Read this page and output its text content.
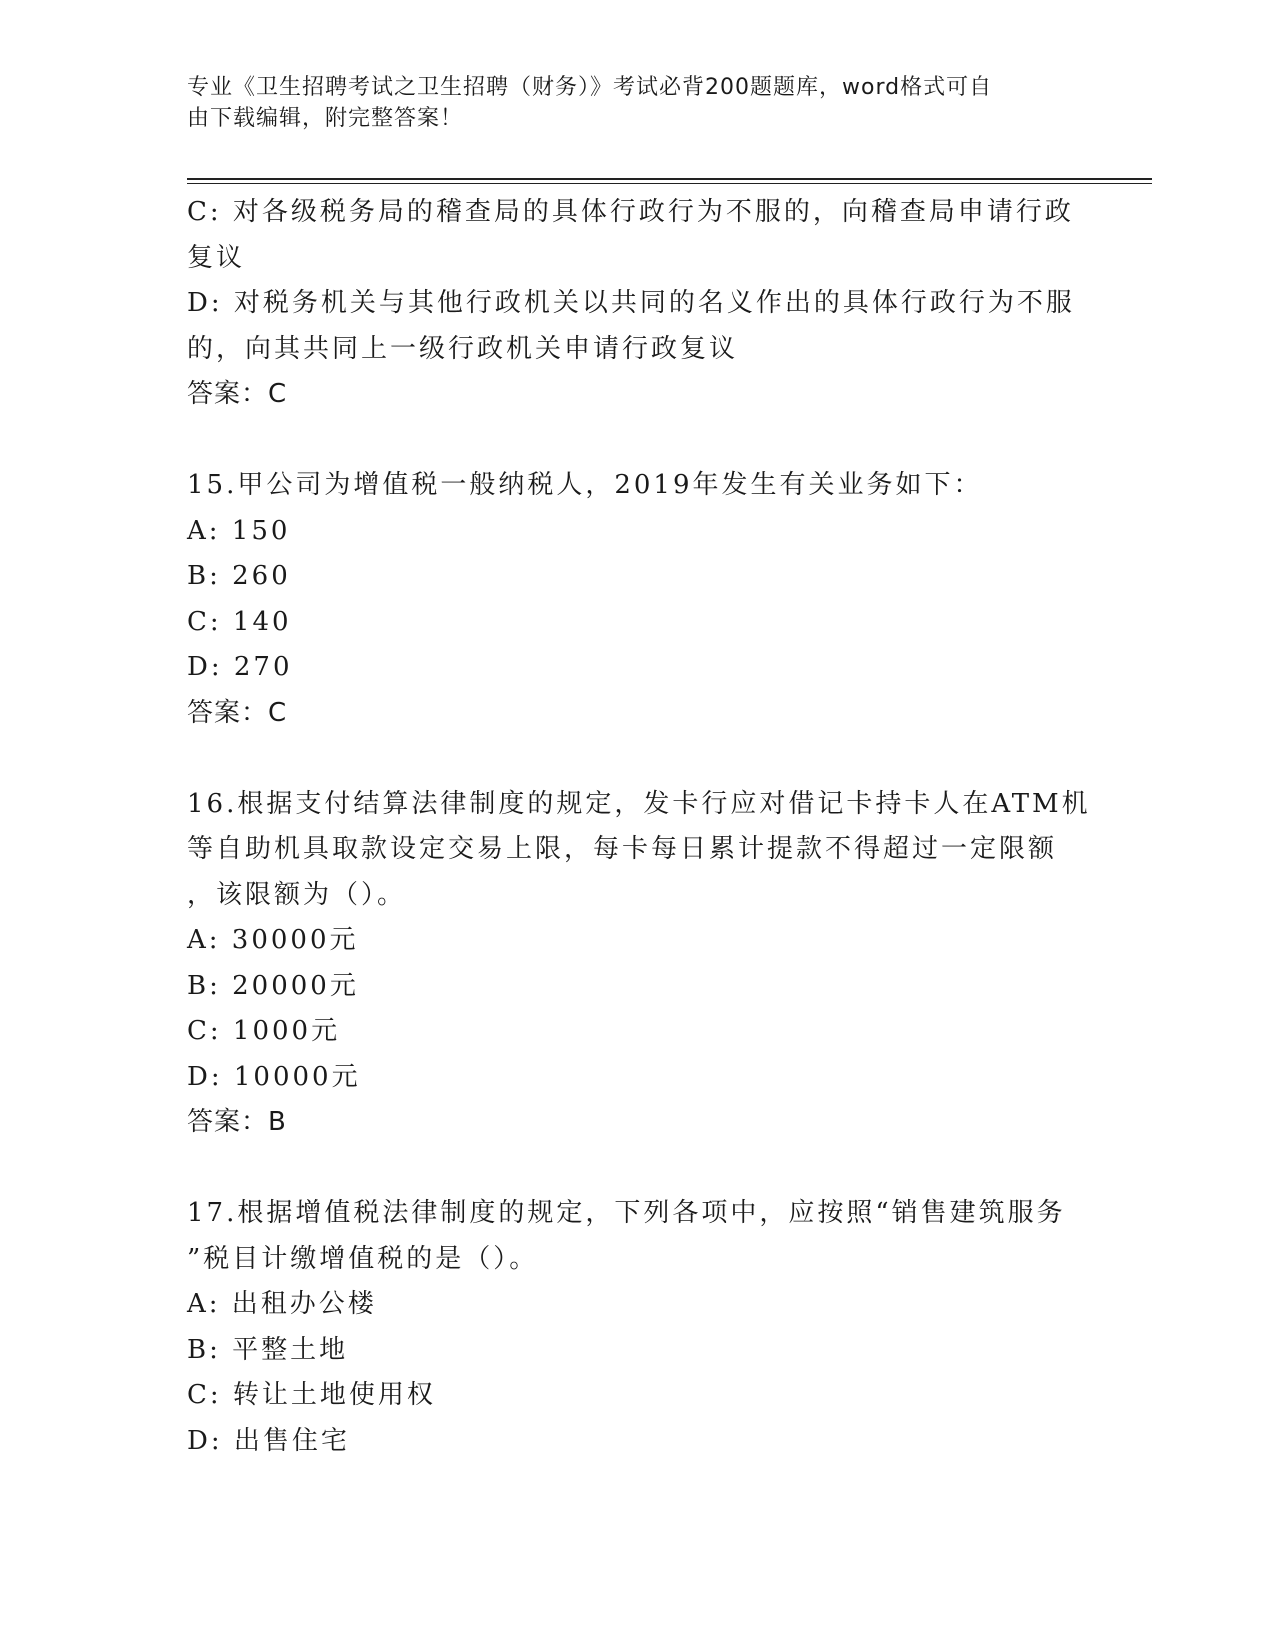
专业《卫生招聘考试之卫生招聘（财务）》考试必背200题题库，word格式可自
由下载编辑，附完整答案！
C: 对各级税务局的稽查局的具体行政行为不服的，向稽查局申请行政
复议
D: 对税务机关与其他行政机关以共同的名义作出的具体行政行为不服
的，向其共同上一级行政机关申请行政复议
答案：C
15.甲公司为增值税一般纳税人，2019年发生有关业务如下：
A: 150
B: 260
C: 140
D: 270
答案：C
16.根据支付结算法律制度的规定，发卡行应对借记卡持卡人在ATM机
等自助机具取款设定交易上限，每卡每日累计提款不得超过一定限额
，该限额为（）。
A: 30000元
B: 20000元
C: 1000元
D: 10000元
答案：B
17.根据增值税法律制度的规定，下列各项中，应按照“销售建筑服务
”税目计缴增值税的是（）。
A: 出租办公楼
B: 平整土地
C: 转让土地使用权
D: 出售住宅
